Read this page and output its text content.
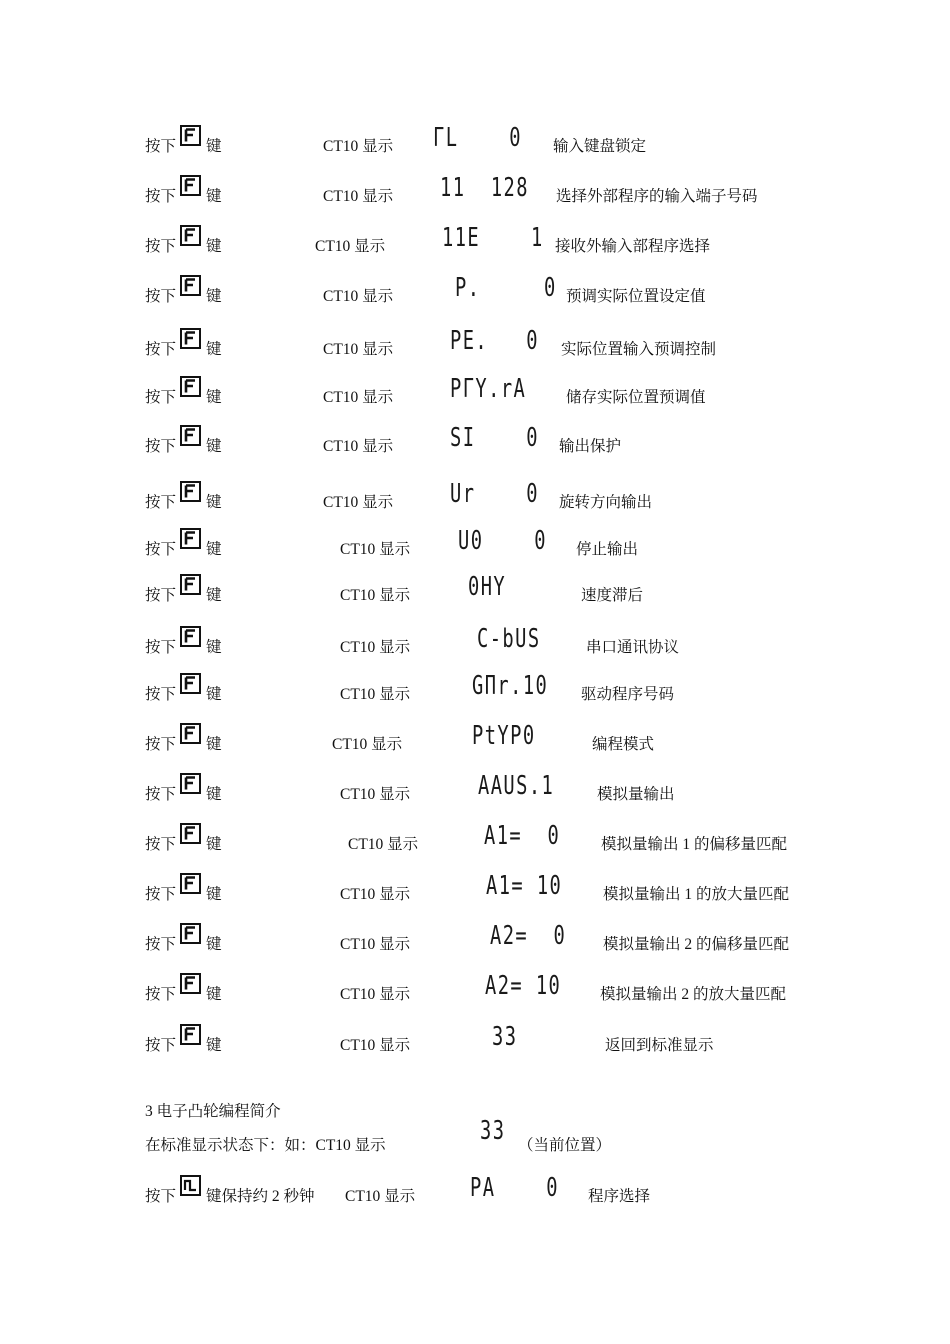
按下 键	CT10 显示 ΓL    0 输入键盘锁定
按下 键	CT10 显示 11  128 选择外部程序的输入端子号码
按下 键	CT10 显示 11E    1 接收外输入部程序选择
按下 键	CT10 显示 P.     0 预调实际位置设定值
按下 键	CT10 显示 PE.   0 实际位置输入预调控制
按下 键	CT10 显示 PΓY.rA	储存实际位置预调值
按下 键	CT10 显示 SI    0 输出保护
按下 键	CT10 显示 Ur    0 旋转方向输出
按下 键	CT10 显示 U0    0 停止输出
按下 键	CT10 显示 0HY	速度滞后
按下 键	CT10 显示	C-bUS	串口通讯协议
按下 键	CT10 显示 GΠr.10 驱动程序号码
按下 键	CT10 显示	PtYP0	编程模式
按下 键	CT10 显示	AAUS.1	模拟量输出
按下 键	CT10 显示	A1=  0	模拟量输出 1 的偏移量匹配
按下 键	CT10 显示	A1= 10	模拟量输出 1 的放大量匹配
按下 键	CT10 显示	A2=  0 模拟量输出 2 的偏移量匹配
按下 键	CT10 显示	A2= 10 模拟量输出 2 的放大量匹配
按下 键	CT10 显示	33	返回到标准显示
3 电子凸轮编程简介
在标准显示状态下：如：CT10 显示	33 （当前位置）
按下 键保持约 2 秒钟 CT10 显示 PA    0 程序选择
